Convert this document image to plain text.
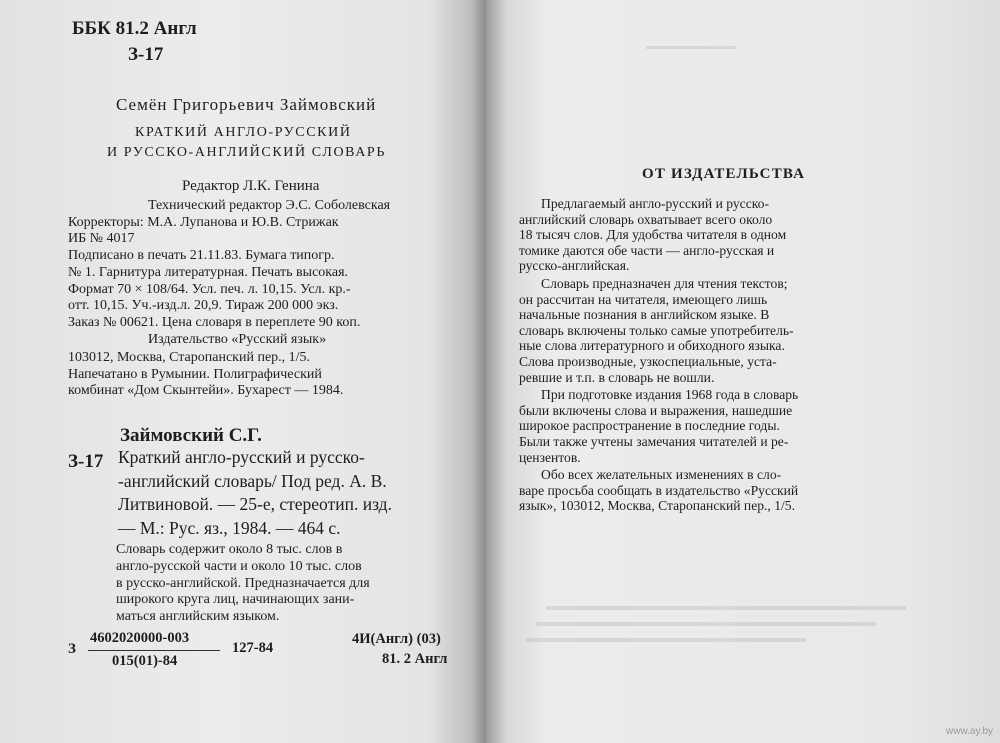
ББК 81.2 Англ
З-17
Семён Григорьевич Займовский
КРАТКИЙ АНГЛО-РУССКИЙ
И РУССКО-АНГЛИЙСКИЙ СЛОВАРЬ
Редактор Л.К. Генина
Технический редактор Э.С. Соболевская
Корректоры: М.А. Лупанова и Ю.В. Стрижак
ИБ № 4017
Подписано в печать 21.11.83. Бумага типогр.
№ 1. Гарнитура литературная. Печать высокая.
Формат 70 × 108/64. Усл. печ. л. 10,15. Усл. кр.-
отт. 10,15. Уч.-изд.л. 20,9. Тираж 200 000 экз.
Заказ № 00621. Цена словаря в переплете 90 коп.
Издательство «Русский язык»
103012, Москва, Старопанский пер., 1/5.
Напечатано в Румынии. Полиграфический
комбинат «Дом Скынтейи». Бухарест — 1984.
Займовский С.Г.
З-17 Краткий англо-русский и русско-
-английский словарь/ Под ред. А. В.
Литвиновой. — 25-е, стереотип. изд.
— М.: Рус. яз., 1984. — 464 с.
Словарь содержит около 8 тыс. слов в
англо-русской части и около 10 тыс. слов
в русско-английской. Предназначается для
широкого круга лиц, начинающих зани-
маться английским языком.
З
4602020000-003
015(01)-84
127-84
4И(Англ) (03)
81. 2 Англ
ОТ ИЗДАТЕЛЬСТВА
Предлагаемый англо-русский и русско-
английский словарь охватывает всего около
18 тысяч слов. Для удобства читателя в одном
томике даются обе части — англо-русская и
русско-английская.
Словарь предназначен для чтения текстов;
он рассчитан на читателя, имеющего лишь
начальные познания в английском языке. В
словарь включены только самые употребитель-
ные слова литературного и обиходного языка.
Слова производные, узкоспециальные, уста-
ревшие и т.п. в словарь не вошли.
При подготовке издания 1968 года в словарь
были включены слова и выражения, нашедшие
широкое распространение в последние годы.
Были также учтены замечания читателей и ре-
цензентов.
Обо всех желательных изменениях в сло-
варе просьба сообщать в издательство «Русский
язык», 103012, Москва, Старопанский пер., 1/5.
www.ay.by
